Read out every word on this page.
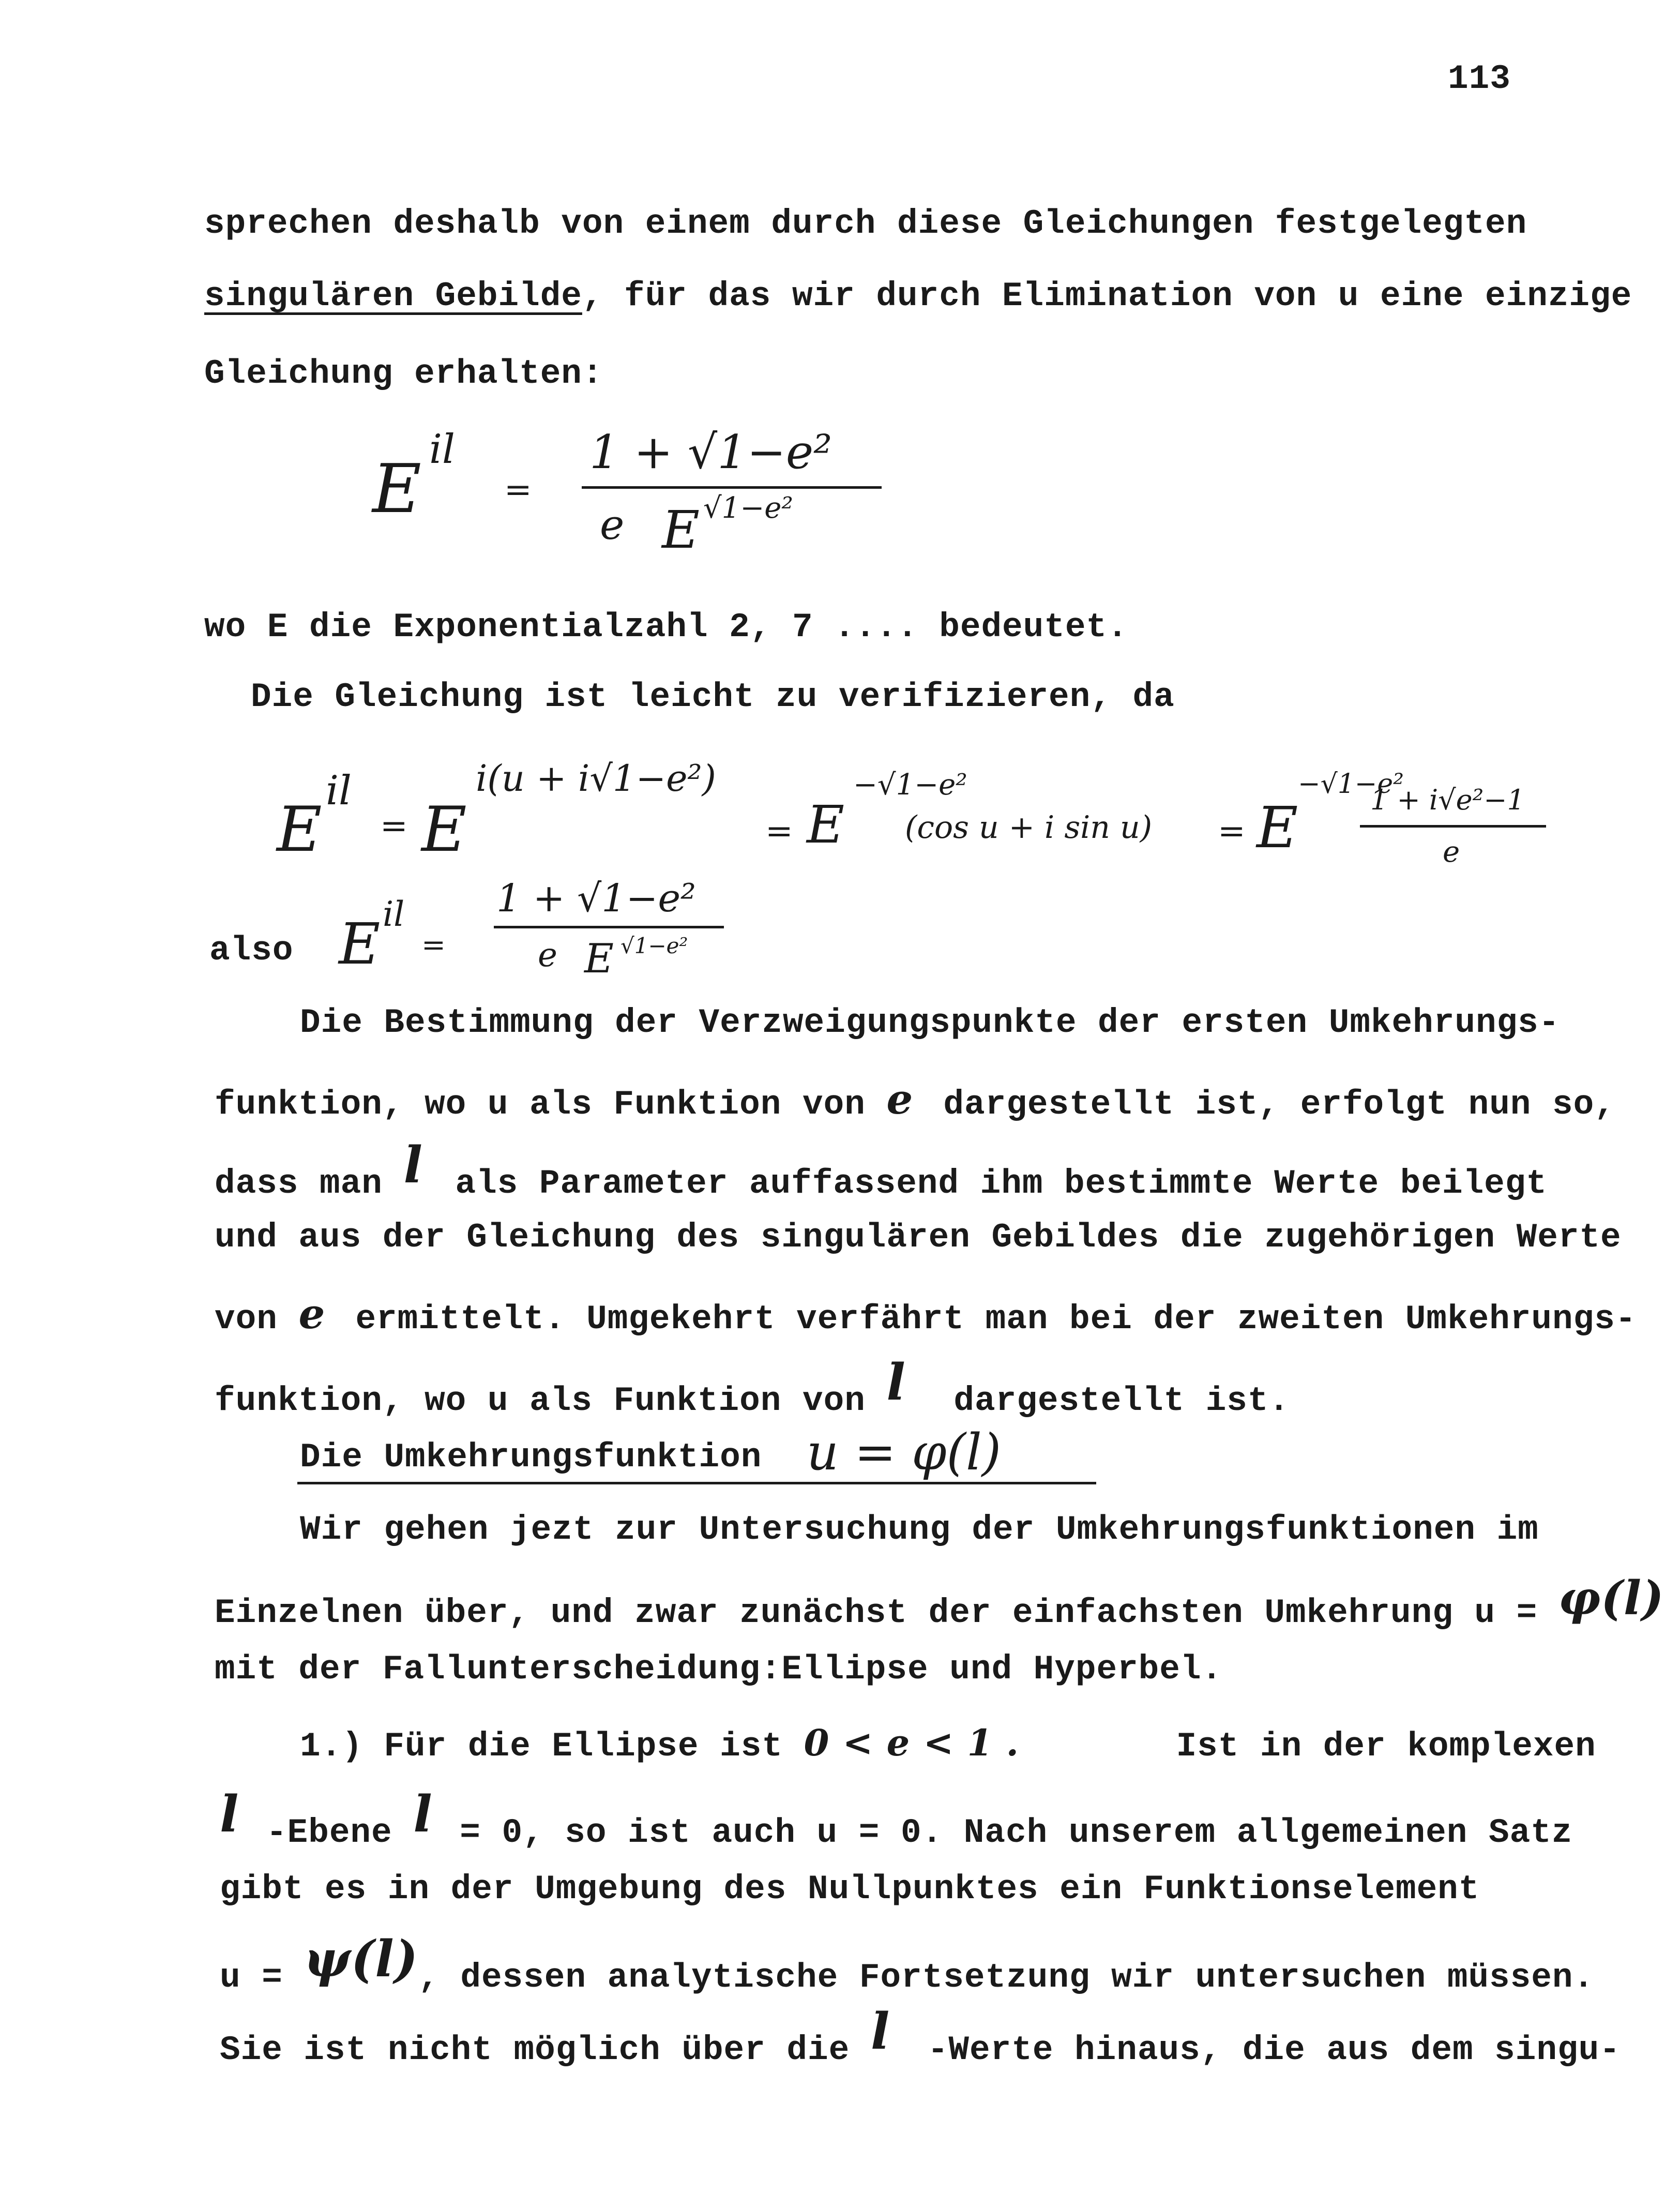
113
sprechen deshalb von einem durch diese Gleichungen festgelegten
singulären Gebilde, für das wir durch Elimination von u eine einzige
Gleichung erhalten:
E il
=
1 + √1−e²
e E √1−e²
wo E die Exponentialzahl 2, 7 .... bedeutet.
Die Gleichung ist leicht zu verifizieren, da
E
il
= E
i(u + i√1−e²)
= E
−√1−e²
(cos u + i sin u) = E
−√1−e²
1 + i√e²−1
e
also E il
=
1 + √1−e²
e E √1−e²
Die Bestimmung der Verzweigungspunkte der ersten Umkehrungs-
funktion, wo u als Funktion von e dargestellt ist, erfolgt nun so,
dass man l als Parameter auffassend ihm bestimmte Werte beilegt
und aus der Gleichung des singulären Gebildes die zugehörigen Werte
von e ermittelt. Umgekehrt verfährt man bei der zweiten Umkehrungs-
funktion, wo u als Funktion von l dargestellt ist.
Die Umkehrungsfunktion u = φ(l)
Wir gehen jezt zur Untersuchung der Umkehrungsfunktionen im
Einzelnen über, und zwar zunächst der einfachsten Umkehrung u = φ(l)
mit der Fallunterscheidung:Ellipse und Hyperbel.
1.) Für die Ellipse ist 0 < e < 1 .	Ist in der komplexen
l -Ebene l = 0, so ist auch u = 0. Nach unserem allgemeinen Satz
gibt es in der Umgebung des Nullpunktes ein Funktionselement
u = ψ(l), dessen analytische Fortsetzung wir untersuchen müssen.
Sie ist nicht möglich über die l -Werte hinaus, die aus dem singu-
